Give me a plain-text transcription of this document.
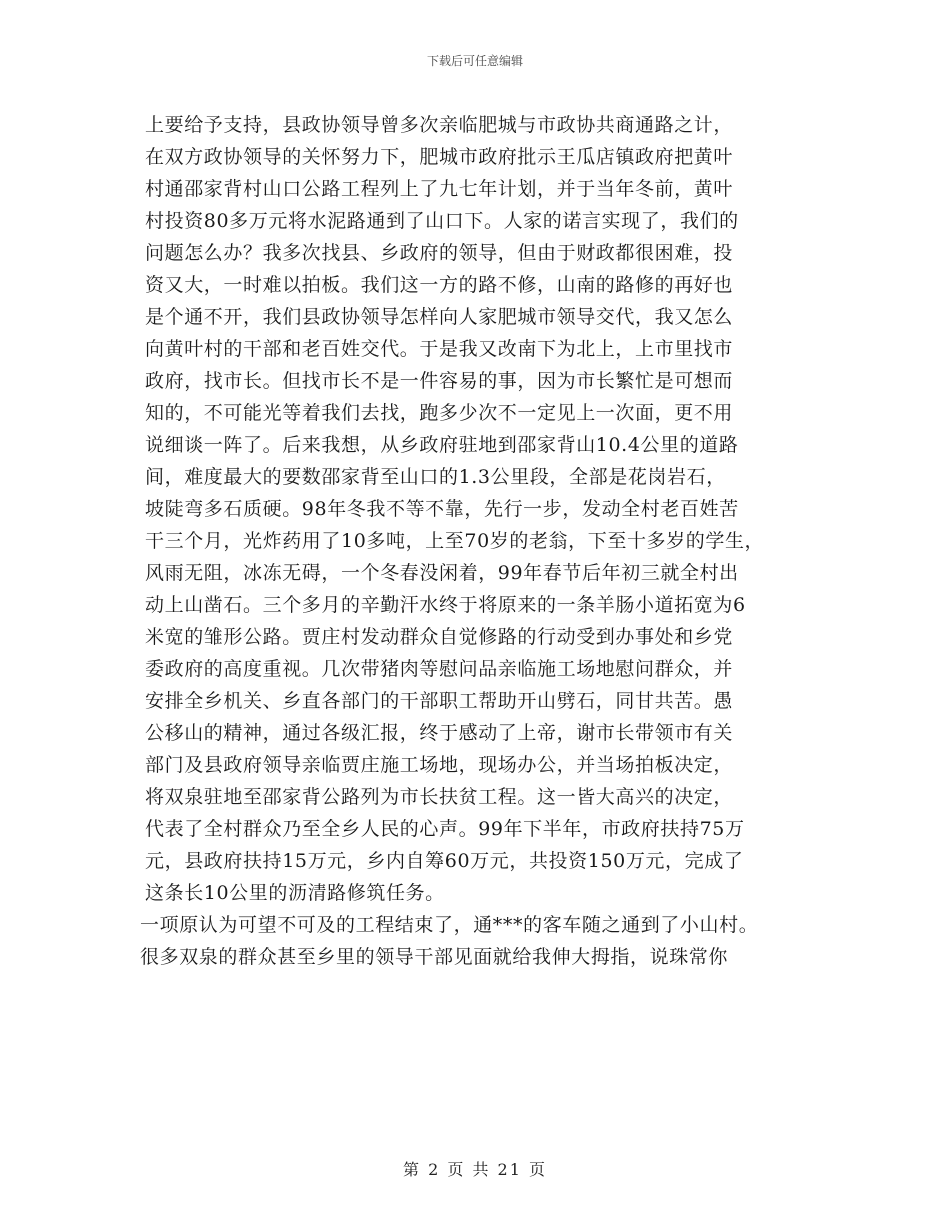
下载后可任意编辑
上要给予支持，县政协领导曾多次亲临肥城与市政协共商通路之计，
在双方政协领导的关怀努力下，肥城市政府批示王瓜店镇政府把黄叶
村通邵家背村山口公路工程列上了九七年计划，并于当年冬前，黄叶
村投资80多万元将水泥路通到了山口下。人家的诺言实现了，我们的
问题怎么办？我多次找县、乡政府的领导，但由于财政都很困难，投
资又大，一时难以拍板。我们这一方的路不修，山南的路修的再好也
是个通不开，我们县政协领导怎样向人家肥城市领导交代，我又怎么
向黄叶村的干部和老百姓交代。于是我又改南下为北上，上市里找市
政府，找市长。但找市长不是一件容易的事，因为市长繁忙是可想而
知的，不可能光等着我们去找，跑多少次不一定见上一次面，更不用
说细谈一阵了。后来我想，从乡政府驻地到邵家背山10.4公里的道路
间，难度最大的要数邵家背至山口的1.3公里段，全部是花岗岩石，
坡陡弯多石质硬。98年冬我不等不靠，先行一步，发动全村老百姓苦
干三个月，光炸药用了10多吨，上至70岁的老翁，下至十多岁的学生，
风雨无阻，冰冻无碍，一个冬春没闲着，99年春节后年初三就全村出
动上山凿石。三个多月的辛勤汗水终于将原来的一条羊肠小道拓宽为6
米宽的雏形公路。贾庄村发动群众自觉修路的行动受到办事处和乡党
委政府的高度重视。几次带猪肉等慰问品亲临施工场地慰问群众，并
安排全乡机关、乡直各部门的干部职工帮助开山劈石，同甘共苦。愚
公移山的精神，通过各级汇报，终于感动了上帝，谢市长带领市有关
部门及县政府领导亲临贾庄施工场地，现场办公，并当场拍板决定，
将双泉驻地至邵家背公路列为市长扶贫工程。这一皆大高兴的决定，
代表了全村群众乃至全乡人民的心声。99年下半年，市政府扶持75万
元，县政府扶持15万元，乡内自筹60万元，共投资150万元，完成了
这条长10公里的沥清路修筑任务。
一项原认为可望不可及的工程结束了，通***的客车随之通到了小山村。
很多双泉的群众甚至乡里的领导干部见面就给我伸大拇指，说珠常你
第 2 页 共 21 页
